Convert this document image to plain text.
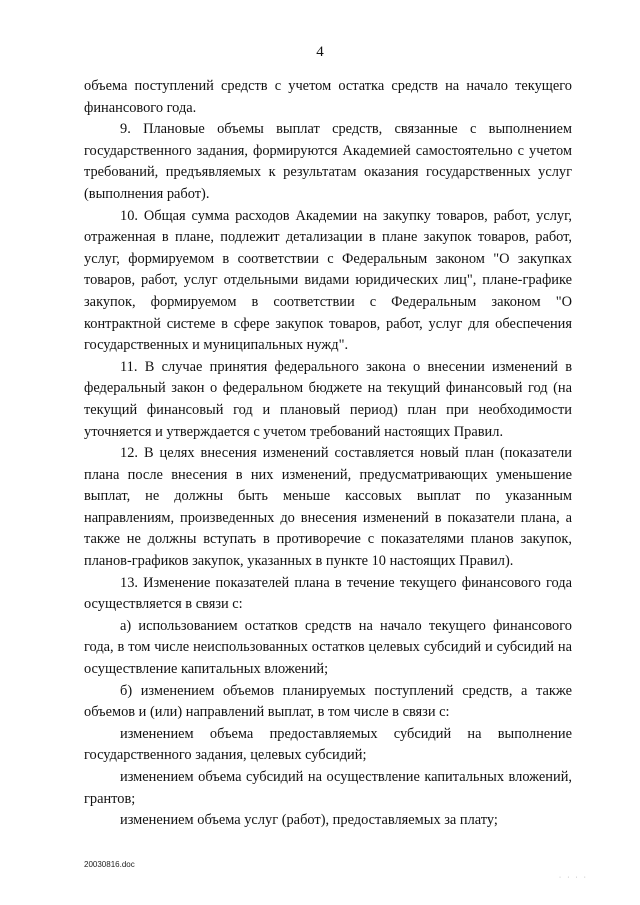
4

объема поступлений средств с учетом остатка средств на начало текущего финансового года.

9. Плановые объемы выплат средств, связанные с выполнением государственного задания, формируются Академией самостоятельно с учетом требований, предъявляемых к результатам оказания государственных услуг (выполнения работ).

10. Общая сумма расходов Академии на закупку товаров, работ, услуг, отраженная в плане, подлежит детализации в плане закупок товаров, работ, услуг, формируемом в соответствии с Федеральным законом "О закупках товаров, работ, услуг отдельными видами юридических лиц", плане-графике закупок, формируемом в соответствии с Федеральным законом "О контрактной системе в сфере закупок товаров, работ, услуг для обеспечения государственных и муниципальных нужд".

11. В случае принятия федерального закона о внесении изменений в федеральный закон о федеральном бюджете на текущий финансовый год (на текущий финансовый год и плановый период) план при необходимости уточняется и утверждается с учетом требований настоящих Правил.

12. В целях внесения изменений составляется новый план (показатели плана после внесения в них изменений, предусматривающих уменьшение выплат, не должны быть меньше кассовых выплат по указанным направлениям, произведенных до внесения изменений в показатели плана, а также не должны вступать в противоречие с показателями планов закупок, планов-графиков закупок, указанных в пункте 10 настоящих Правил).

13. Изменение показателей плана в течение текущего финансового года осуществляется в связи с:

а) использованием остатков средств на начало текущего финансового года, в том числе неиспользованных остатков целевых субсидий и субсидий на осуществление капитальных вложений;

б) изменением объемов планируемых поступлений средств, а также объемов и (или) направлений выплат, в том числе в связи с:

изменением объема предоставляемых субсидий на выполнение государственного задания, целевых субсидий;

изменением объема субсидий на осуществление капитальных вложений, грантов;

изменением объема услуг (работ), предоставляемых за плату;

20030816.doc
· · · ·
